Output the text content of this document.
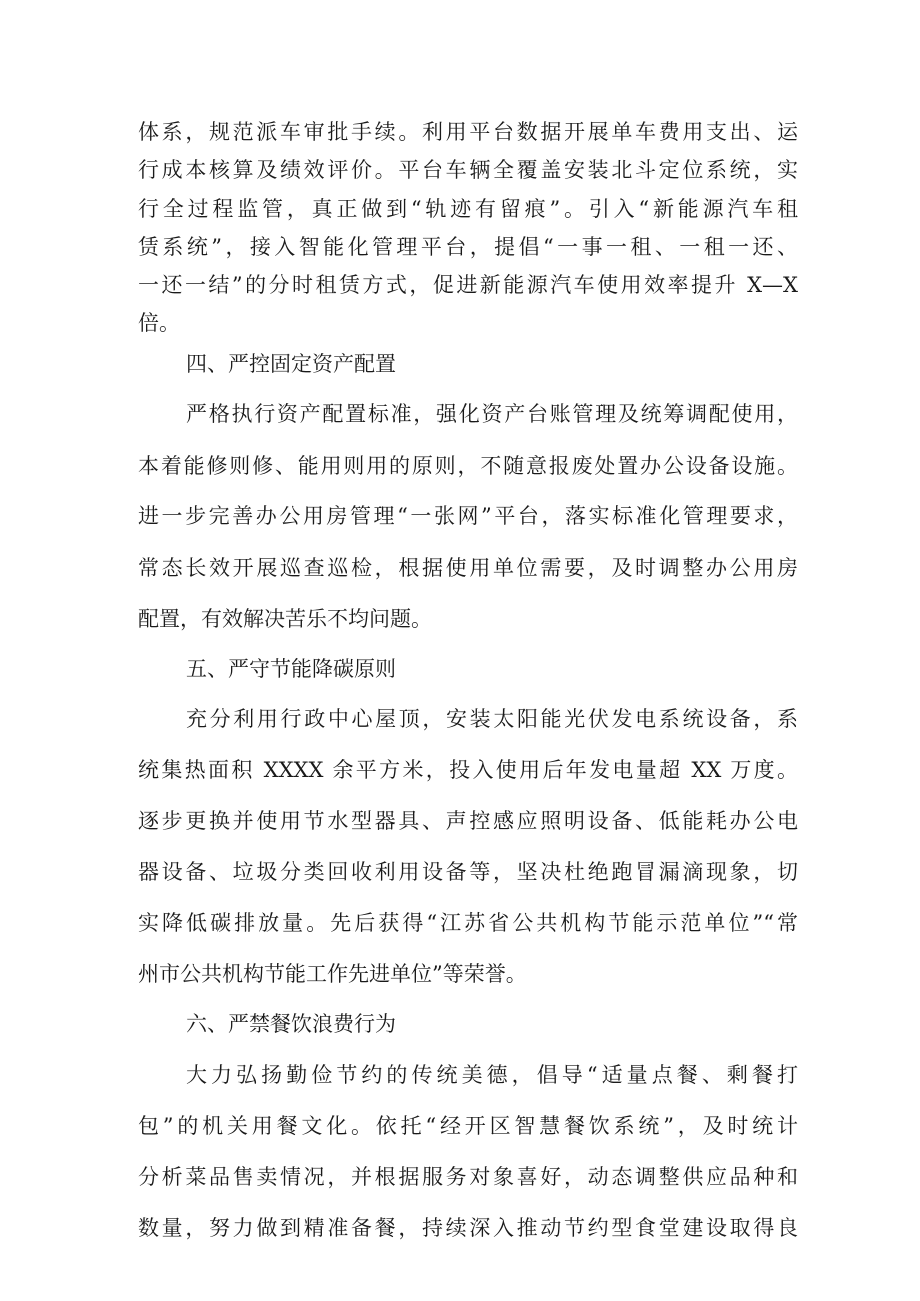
体系，规范派车审批手续。利用平台数据开展单车费用支出、运
行成本核算及绩效评价。平台车辆全覆盖安装北斗定位系统，实
行全过程监管，真正做到“轨迹有留痕”。引入“新能源汽车租
赁系统”，接入智能化管理平台，提倡“一事一租、一租一还、
一还一结”的分时租赁方式，促进新能源汽车使用效率提升 X—X
倍。
四、严控固定资产配置
严格执行资产配置标准，强化资产台账管理及统筹调配使用，
本着能修则修、能用则用的原则，不随意报废处置办公设备设施。
进一步完善办公用房管理“一张网”平台，落实标准化管理要求，
常态长效开展巡查巡检，根据使用单位需要，及时调整办公用房
配置，有效解决苦乐不均问题。
五、严守节能降碳原则
充分利用行政中心屋顶，安装太阳能光伏发电系统设备，系
统集热面积 XXXX 余平方米，投入使用后年发电量超 XX 万度。
逐步更换并使用节水型器具、声控感应照明设备、低能耗办公电
器设备、垃圾分类回收利用设备等，坚决杜绝跑冒漏滴现象，切
实降低碳排放量。先后获得“江苏省公共机构节能示范单位”“常
州市公共机构节能工作先进单位”等荣誉。
六、严禁餐饮浪费行为
大力弘扬勤俭节约的传统美德，倡导“适量点餐、剩餐打
包”的机关用餐文化。依托“经开区智慧餐饮系统”，及时统计
分析菜品售卖情况，并根据服务对象喜好，动态调整供应品种和
数量，努力做到精准备餐，持续深入推动节约型食堂建设取得良
